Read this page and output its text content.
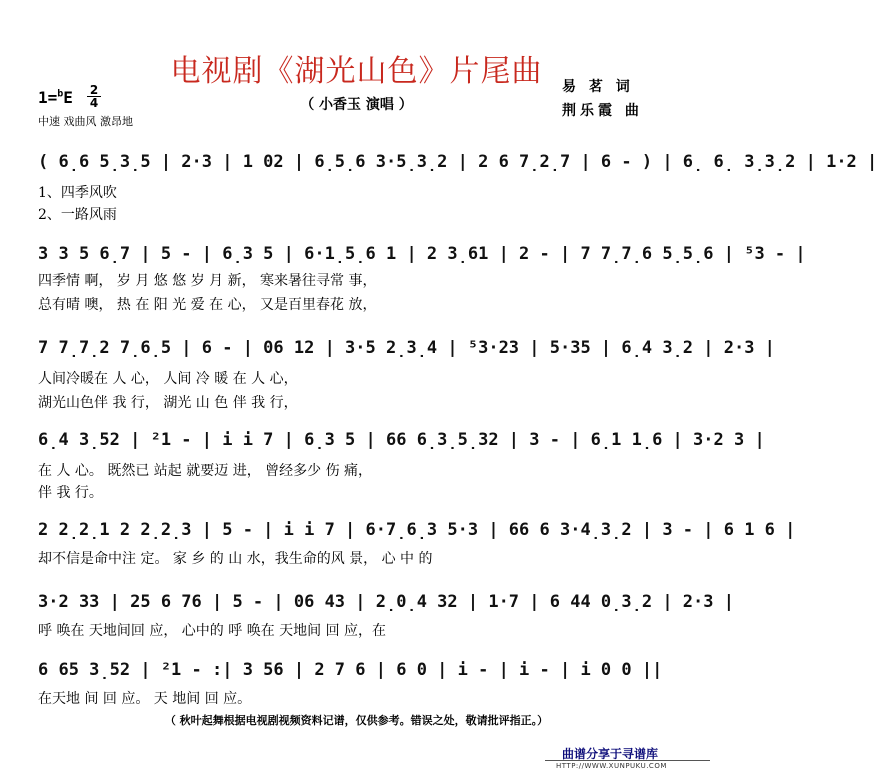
电视剧《湖光山色》片尾曲
（ 小香玉 演唱 ）
易 茗 词
荆乐霞 曲
1=$^b$E 2
4
中速 戏曲风 激昂地
( 6̣6 5̣3̣5 | 2·3 | 1 02 | 6̣5̣6 3·5̣3̣2 | 2 6 7̣2̣7 | 6 - ) | 6̣ 6̣ 3̣3̣2 | 1·2 |
1、四季风吹
2、一路风雨
3 3 5 6̣7 | 5 - | 6̣3 5 | 6·1̣5̣6 1 | 2 3̣61 | 2 - | 7 7̣7̣6 5̣5̣6 | ⁵3 - |
四季情 啊， 岁 月 悠 悠 岁 月 新， 寒来暑往寻常 事，
总有晴 噢， 热 在 阳 光 爱 在 心， 又是百里春花 放，
7 7̣7̣2 7̣6̣5 | 6 - | 06 12 | 3·5 2̣3̣4 | ⁵3·23 | 5·35 | 6̣4 3̣2 | 2·3 |
人间冷暖在 人 心， 人间 冷 暖 在 人 心，
湖光山色伴 我 行， 湖光 山 色 伴 我 行，
6̣4 3̣52 | ²1 - | i i 7 | 6̣3 5 | 66 6̣3̣5̣32 | 3 - | 6̣1 1̣6 | 3·2 3 |
在 人 心。 既然已 站起 就要迈 进， 曾经多少 伤 痛，
伴 我 行。
2 2̣2̣1 2 2̣2̣3 | 5 - | i i 7 | 6·7̣6̣3 5·3 | 66 6 3·4̣3̣2 | 3 - | 6 1 6 |
却不信是命中注 定。 家 乡 的 山 水，我生命的风 景， 心 中 的
3·2 33 | 25 6 76 | 5 - | 06 43 | 2̣0̣4 32 | 1·7 | 6 44 0̣3̣2 | 2·3 |
呼 唤在 天地间回 应， 心中的 呼 唤在 天地间 回 应，在
6 65 3̣52 | ²1 - :| 3 56 | 2 7 6 | 6 0 | i - | i - | i 0 0 ||
在天地 间 回 应。 天 地间 回 应。
（ 秋叶起舞根据电视剧视频资料记谱，仅供参考。错误之处，敬请批评指正。）
曲谱分享于寻谱库
HTTP://WWW.XUNPUKU.COM
